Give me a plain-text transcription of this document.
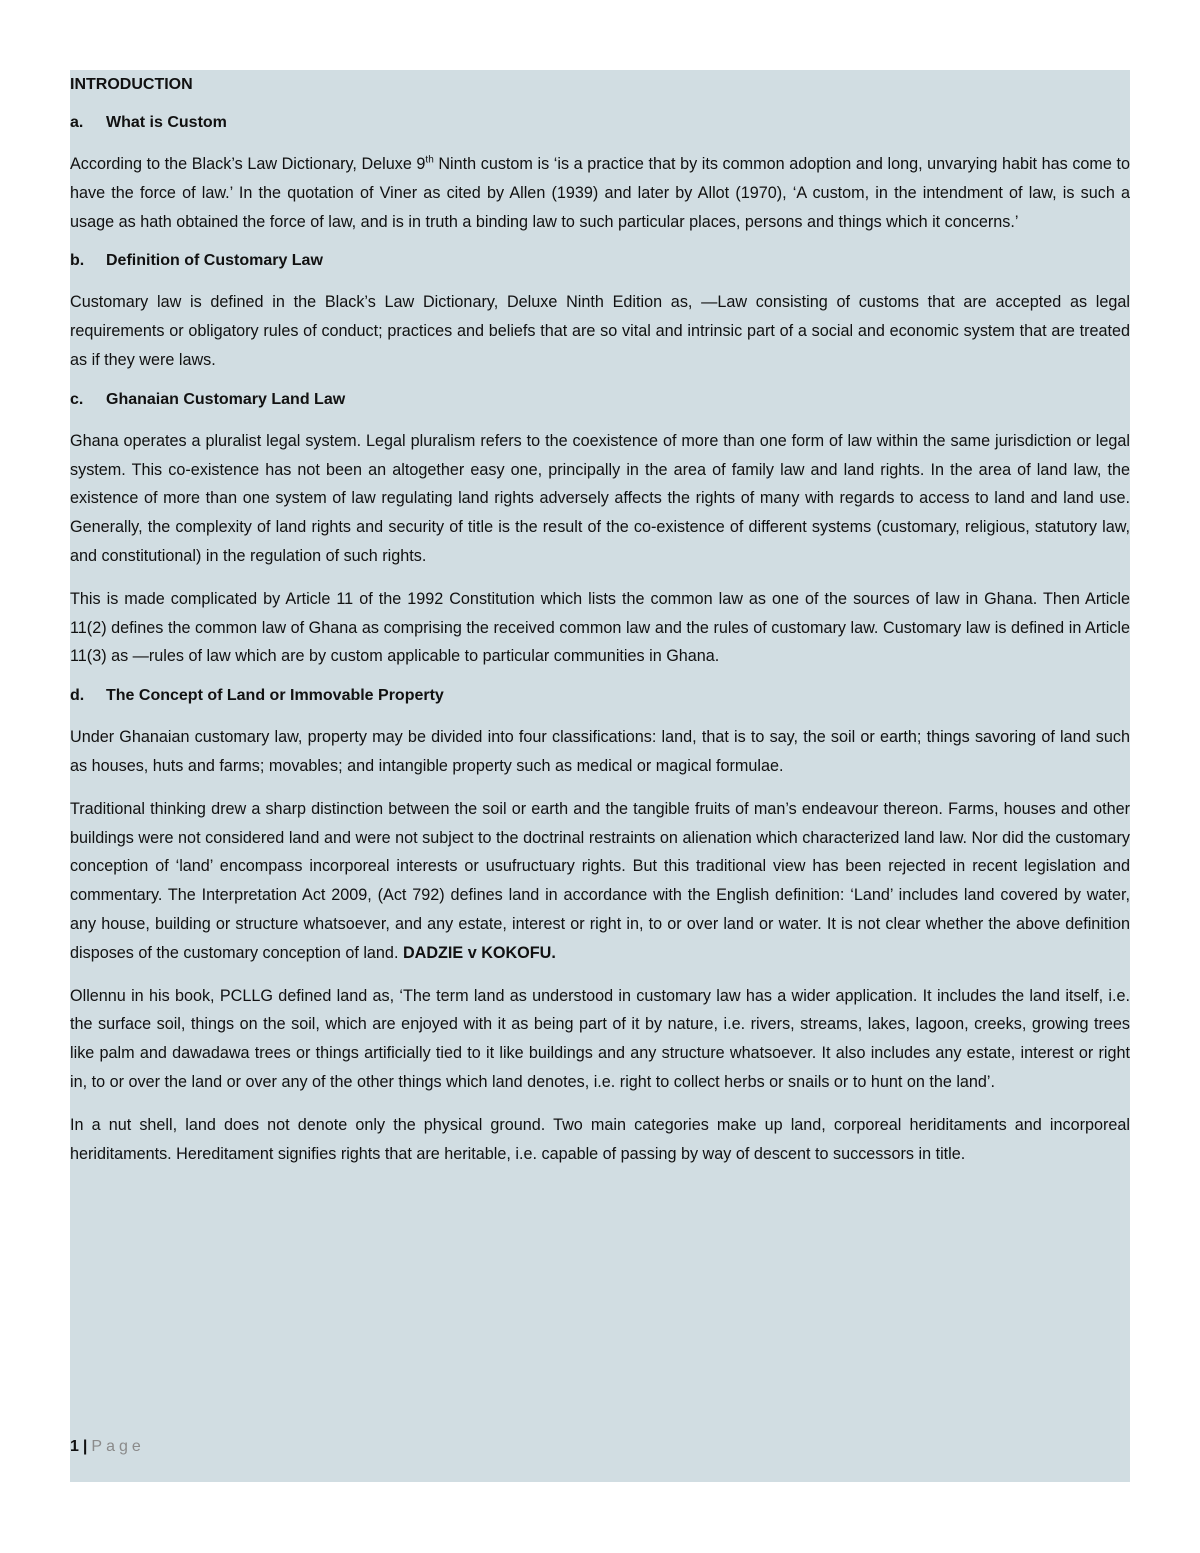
INTRODUCTION
a.	What is Custom

According to the Black’s Law Dictionary, Deluxe 9th Ninth custom is ‘is a practice that by its common adoption and long, unvarying habit has come to have the force of law.’ In the quotation of Viner as cited by Allen (1939) and later by Allot (1970), ‘A custom, in the intendment of law, is such a usage as hath obtained the force of law, and is in truth a binding law to such particular places, persons and things which it concerns.’

b.	Definition of Customary Law

Customary law is defined in the Black’s Law Dictionary, Deluxe Ninth Edition as, ―Law consisting of customs that are accepted as legal requirements or obligatory rules of conduct; practices and beliefs that are so vital and intrinsic part of a social and economic system that are treated as if they were laws.

c.	Ghanaian Customary Land Law

Ghana operates a pluralist legal system. Legal pluralism refers to the coexistence of more than one form of law within the same jurisdiction or legal system. This co-existence has not been an altogether easy one, principally in the area of family law and land rights. In the area of land law, the existence of more than one system of law regulating land rights adversely affects the rights of many with regards to access to land and land use. Generally, the complexity of land rights and security of title is the result of the co-existence of different systems (customary, religious, statutory law, and constitutional) in the regulation of such rights.

This is made complicated by Article 11 of the 1992 Constitution which lists the common law as one of the sources of law in Ghana. Then Article 11(2) defines the common law of Ghana as comprising the received common law and the rules of customary law. Customary law is defined in Article 11(3) as ―rules of law which are by custom applicable to particular communities in Ghana.

d.	The Concept of Land or Immovable Property

Under Ghanaian customary law, property may be divided into four classifications: land, that is to say, the soil or earth; things savoring of land such as houses, huts and farms; movables; and intangible property such as medical or magical formulae.

Traditional thinking drew a sharp distinction between the soil or earth and the tangible fruits of man’s endeavour thereon. Farms, houses and other buildings were not considered land and were not subject to the doctrinal restraints on alienation which characterized land law. Nor did the customary conception of ‘land’ encompass incorporeal interests or usufructuary rights. But this traditional view has been rejected in recent legislation and commentary. The Interpretation Act 2009, (Act 792) defines land in accordance with the English definition: ‘Land’ includes land covered by water, any house, building or structure whatsoever, and any estate, interest or right in, to or over land or water. It is not clear whether the above definition disposes of the customary conception of land. DADZIE v KOKOFU.

Ollennu in his book, PCLLG defined land as, ‘The term land as understood in customary law has a wider application. It includes the land itself, i.e. the surface soil, things on the soil, which are enjoyed with it as being part of it by nature, i.e. rivers, streams, lakes, lagoon, creeks, growing trees like palm and dawadawa trees or things artificially tied to it like buildings and any structure whatsoever. It also includes any estate, interest or right in, to or over the land or over any of the other things which land denotes, i.e. right to collect herbs or snails or to hunt on the land’.

In a nut shell, land does not denote only the physical ground. Two main categories make up land, corporeal heriditaments and incorporeal heriditaments. Hereditament signifies rights that are heritable, i.e. capable of passing by way of descent to successors in title.

1 | Page
